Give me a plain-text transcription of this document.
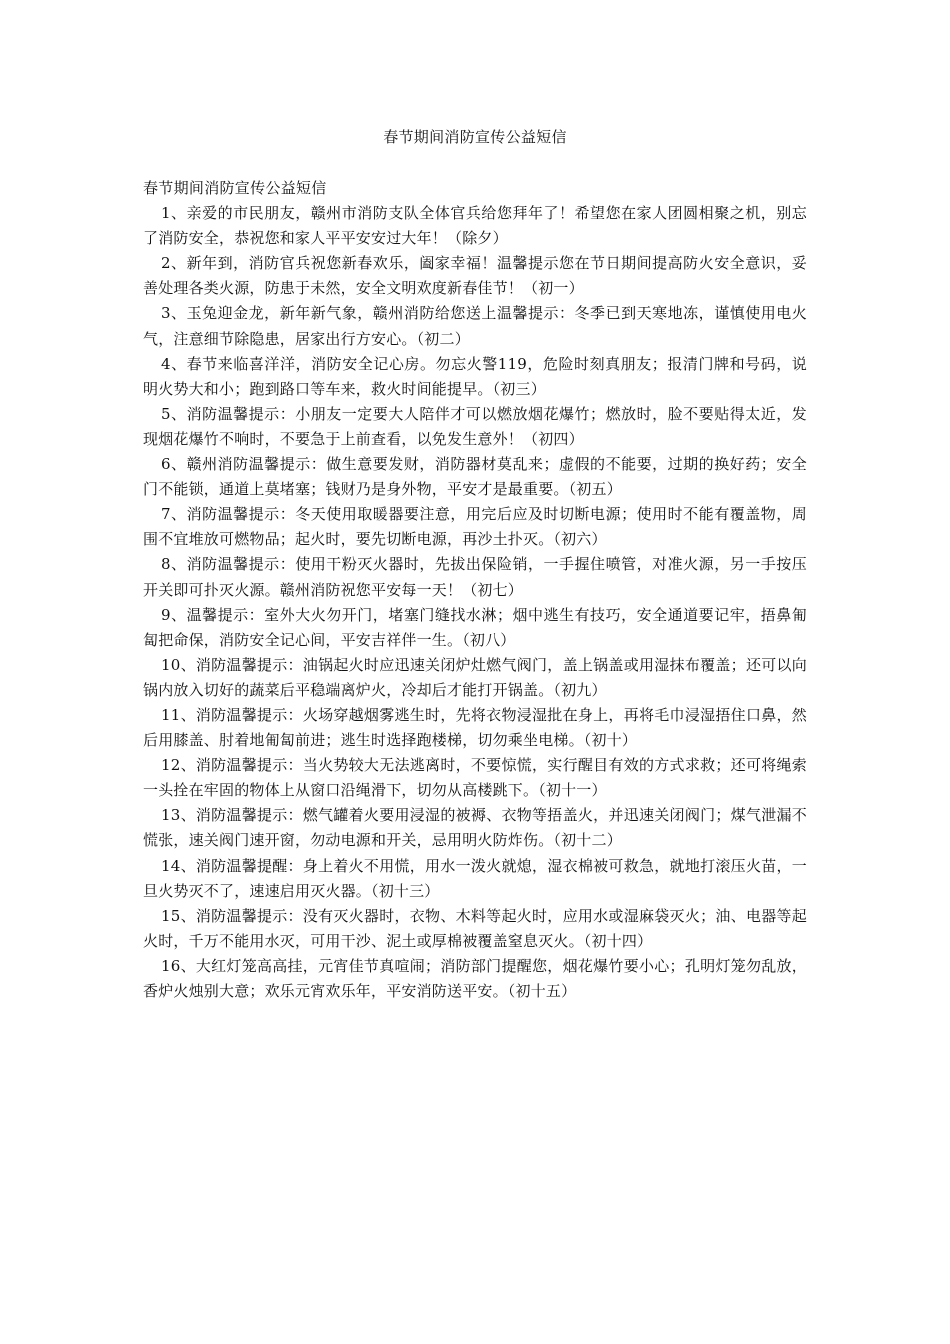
春节期间消防宣传公益短信

春节期间消防宣传公益短信

1、亲爱的市民朋友，赣州市消防支队全体官兵给您拜年了！希望您在家人团圆相聚之机，别忘了消防安全，恭祝您和家人平平安安过大年！（除夕）

2、新年到，消防官兵祝您新春欢乐，阖家幸福！温馨提示您在节日期间提高防火安全意识，妥善处理各类火源，防患于未然，安全文明欢度新春佳节！（初一）

3、玉兔迎金龙，新年新气象，赣州消防给您送上温馨提示：冬季已到天寒地冻，谨慎使用电火气，注意细节除隐患，居家出行方安心。（初二）

4、春节来临喜洋洋，消防安全记心房。勿忘火警119，危险时刻真朋友；报清门牌和号码，说明火势大和小；跑到路口等车来，救火时间能提早。（初三）

5、消防温馨提示：小朋友一定要大人陪伴才可以燃放烟花爆竹；燃放时，脸不要贴得太近，发现烟花爆竹不响时，不要急于上前查看，以免发生意外！（初四）

6、赣州消防温馨提示：做生意要发财，消防器材莫乱来；虚假的不能要，过期的换好药；安全门不能锁，通道上莫堵塞；钱财乃是身外物，平安才是最重要。（初五）

7、消防温馨提示：冬天使用取暖器要注意，用完后应及时切断电源；使用时不能有覆盖物，周围不宜堆放可燃物品；起火时，要先切断电源，再沙土扑灭。（初六）

8、消防温馨提示：使用干粉灭火器时，先拔出保险销，一手握住喷管，对准火源，另一手按压开关即可扑灭火源。赣州消防祝您平安每一天！（初七）

9、温馨提示：室外大火勿开门，堵塞门缝找水淋；烟中逃生有技巧，安全通道要记牢，捂鼻匍匐把命保，消防安全记心间，平安吉祥伴一生。（初八）

10、消防温馨提示：油锅起火时应迅速关闭炉灶燃气阀门，盖上锅盖或用湿抹布覆盖；还可以向锅内放入切好的蔬菜后平稳端离炉火，冷却后才能打开锅盖。（初九）

11、消防温馨提示：火场穿越烟雾逃生时，先将衣物浸湿批在身上，再将毛巾浸湿捂住口鼻，然后用膝盖、肘着地匍匐前进；逃生时选择跑楼梯，切勿乘坐电梯。（初十）

12、消防温馨提示：当火势较大无法逃离时，不要惊慌，实行醒目有效的方式求救；还可将绳索一头拴在牢固的物体上从窗口沿绳滑下，切勿从高楼跳下。（初十一）

13、消防温馨提示：燃气罐着火要用浸湿的被褥、衣物等捂盖火，并迅速关闭阀门；煤气泄漏不慌张，速关阀门速开窗，勿动电源和开关，忌用明火防炸伤。（初十二）

14、消防温馨提醒：身上着火不用慌，用水一泼火就熄，湿衣棉被可救急，就地打滚压火苗，一旦火势灭不了，速速启用灭火器。（初十三）

15、消防温馨提示：没有灭火器时，衣物、木料等起火时，应用水或湿麻袋灭火；油、电器等起火时，千万不能用水灭，可用干沙、泥土或厚棉被覆盖窒息灭火。（初十四）

16、大红灯笼高高挂，元宵佳节真喧闹；消防部门提醒您，烟花爆竹要小心；孔明灯笼勿乱放，香炉火烛别大意；欢乐元宵欢乐年，平安消防送平安。（初十五）
